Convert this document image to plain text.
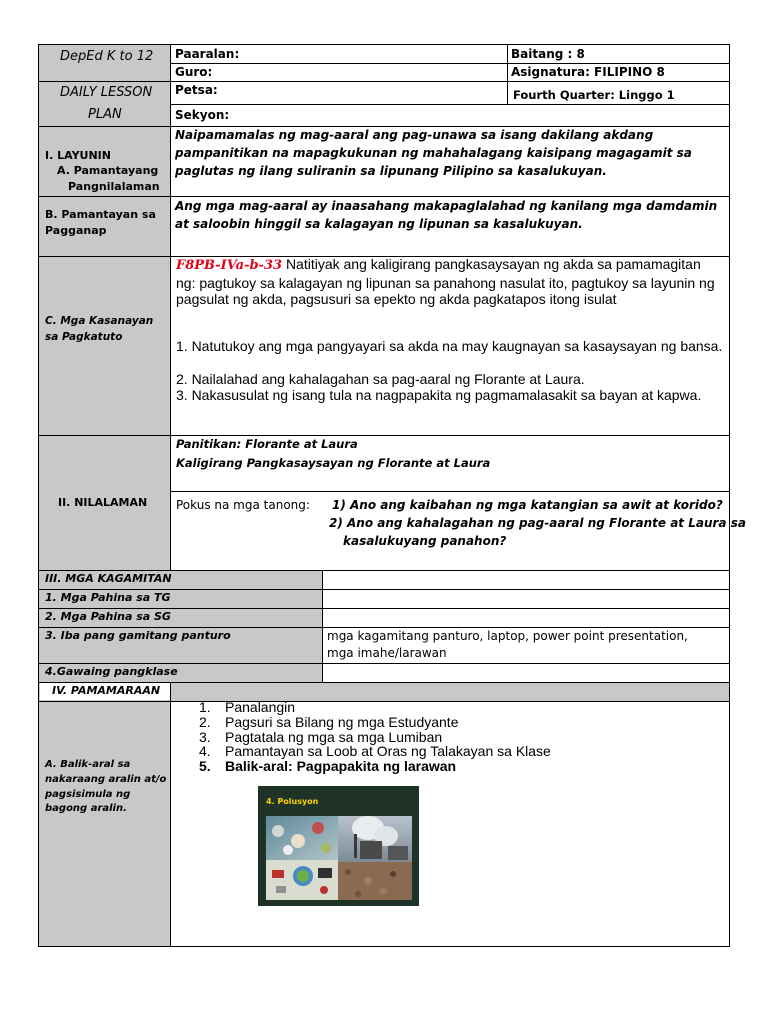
DepEd K to 12
DAILY LESSON
PLAN
Paaralan:
Guro:
Petsa:
Sekyon:
Baitang : 8
Asignatura: FILIPINO 8
Fourth Quarter: Linggo 1
I. LAYUNIN
A. Pamantayang
Pangnilalaman
Naipamamalas ng mag-aaral ang pag-unawa sa isang dakilang akdang pampanitikan na mapagkukunan ng mahahalagang kaisipang magagamit sa paglutas ng ilang suliranin sa lipunang Pilipino sa kasalukuyan.
B. Pamantayan sa
Pagganap
Ang mga mag-aaral ay inaasahang makapaglalahad ng kanilang mga damdamin at saloobin hinggil sa kalagayan ng lipunan sa kasalukuyan.
C. Mga Kasanayan
sa Pagkatuto
F8PB-IVa-b-33 Natitiyak ang kaligirang pangkasaysayan ng akda sa pamamagitan ng: pagtukoy sa kalagayan ng lipunan sa panahong nasulat ito, pagtukoy sa layunin ng pagsulat ng akda, pagsusuri sa epekto ng akda pagkatapos itong isulat
1. Natutukoy ang mga pangyayari sa akda na may kaugnayan sa kasaysayan ng bansa.
2. Nailalahad ang kahalagahan sa pag-aaral ng Florante at Laura.
3. Nakasusulat ng isang tula na nagpapakita ng pagmamalasakit sa bayan at kapwa.
II. NILALAMAN
Panitikan: Florante at Laura
Kaligirang Pangkasaysayan ng Florante at Laura
Pokus na mga tanong: 1) Ano ang kaibahan ng mga katangian sa awit at korido?
2) Ano ang kahalagahan ng pag-aaral ng Florante at Laura sa
kasalukuyang panahon?
III. MGA KAGAMITAN
1. Mga Pahina sa TG
2. Mga Pahina sa SG
3. Iba pang gamitang panturo	mga kagamitang panturo, laptop, power point presentation,
mga imahe/larawan
4.Gawaing pangklase
IV. PAMAMARAAN
A. Balik-aral sa
nakaraang aralin at/o
pagsisimula ng
bagong aralin.
1. Panalangin
2. Pagsuri sa Bilang ng mga Estudyante
3. Pagtatala ng mga sa mga Lumiban
4. Pamantayan sa Loob at Oras ng Talakayan sa Klase
5. Balik-aral: Pagpapakita ng larawan
4. Polusyon
